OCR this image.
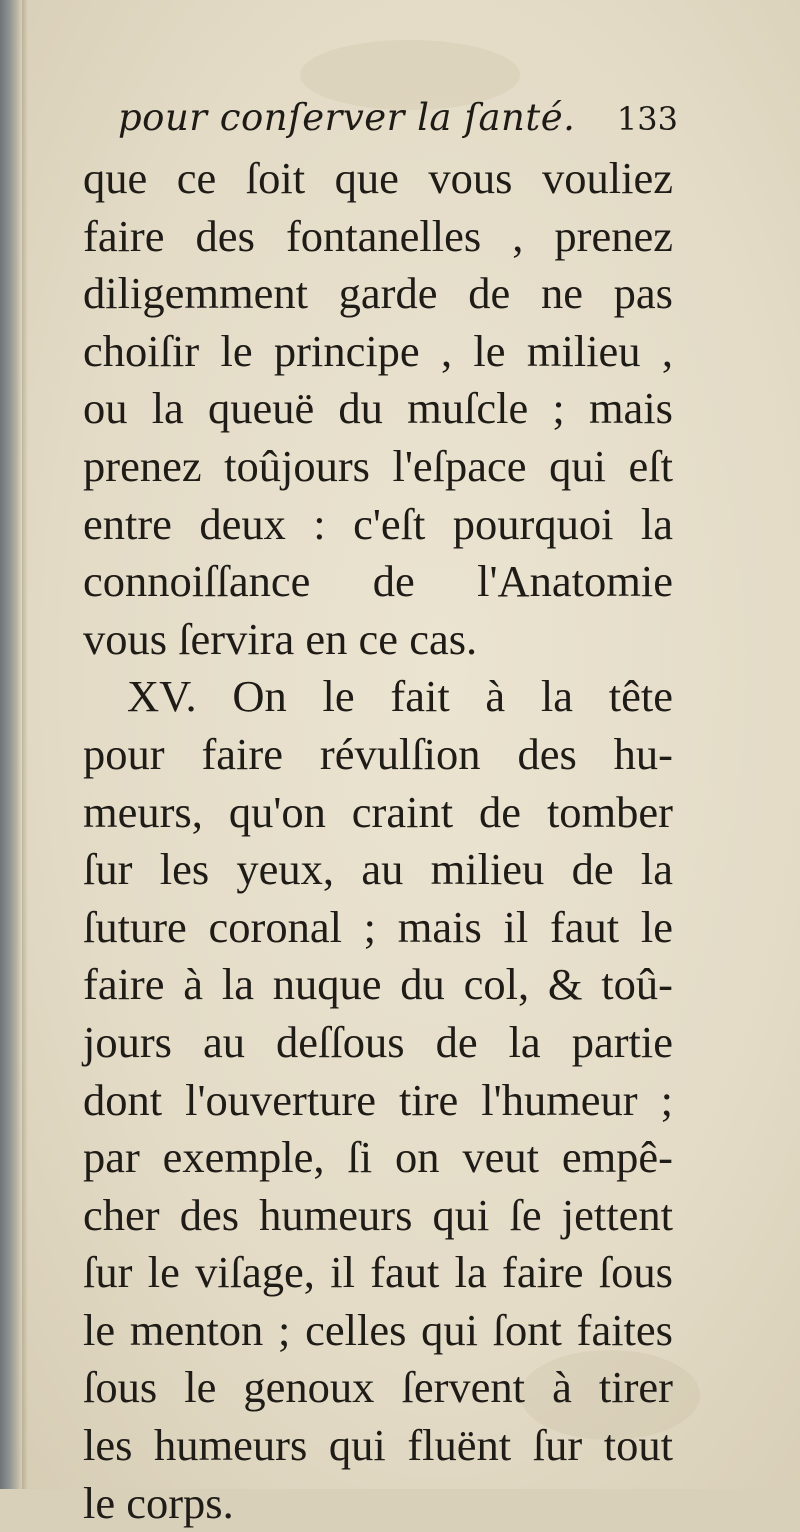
pour conſerver la ſanté. 133
que ce ſoit que vous vouliez
faire des fontanelles , prenez
diligemment garde de ne pas
choiſir le principe , le milieu ,
ou la queuë du muſcle ; mais
prenez toûjours l'eſpace qui eſt
entre deux : c'eſt pourquoi la
connoiſſance de l'Anatomie
vous ſervira en ce cas.
XV. On le fait à la tête
pour faire révulſion des hu-
meurs, qu'on craint de tomber
ſur les yeux, au milieu de la
ſuture coronal ; mais il faut le
faire à la nuque du col, & toû-
jours au deſſous de la partie
dont l'ouverture tire l'humeur ;
par exemple, ſi on veut empê-
cher des humeurs qui ſe jettent
ſur le viſage, il faut la faire ſous
le menton ; celles qui ſont faites
ſous le genoux ſervent à tirer
les humeurs qui fluënt ſur tout
le corps.
